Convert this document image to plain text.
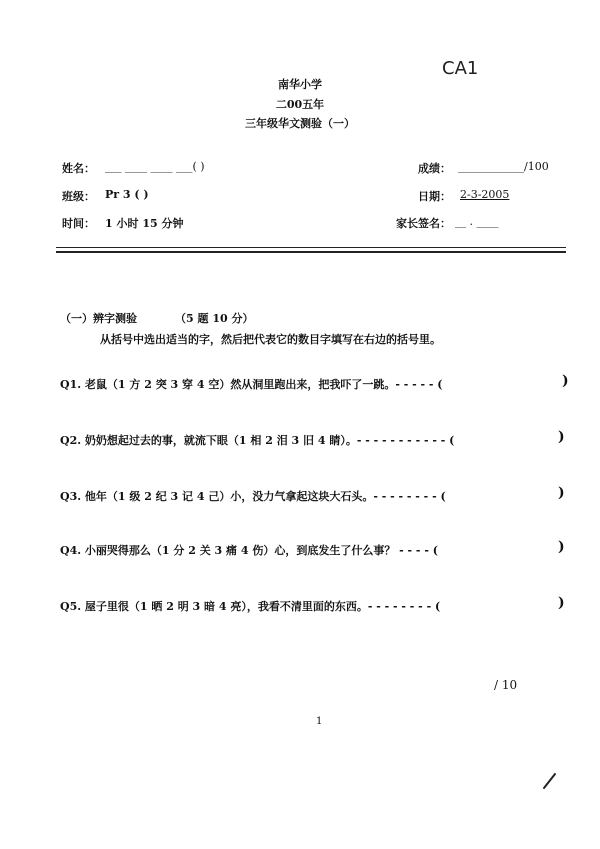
南华小学
二00五年
三年级华文测验（一）
CA1
姓名： ___ ____ ____ ___( )
班级： Pr 3 ( )
时间： 1 小时 15 分钟
成绩： ____________/100
日期： 2-3-2005
家长签名： __ . ____
（一）辨字测验	（5 题 10 分）
从括号中选出适当的字，然后把代表它的数目字填写在右边的括号里。
Q1. 老鼠（1 方 2 突 3 穿 4 空）然从洞里跑出来，把我吓了一跳。- - - - - (	)
Q2. 奶奶想起过去的事，就流下眼（1 相 2 泪 3 旧 4 睛）。- - - - - - - - - - - (	)
Q3. 他年（1 级 2 纪 3 记 4 己）小，没力气拿起这块大石头。- - - - - - - - (	)
Q4. 小丽哭得那么（1 分 2 关 3 痛 4 伤）心，到底发生了什么事？ - - - - (	)
Q5. 屋子里很（1 晒 2 明 3 暗 4 亮），我看不清里面的东西。- - - - - - - - (	)
/ 10
1
